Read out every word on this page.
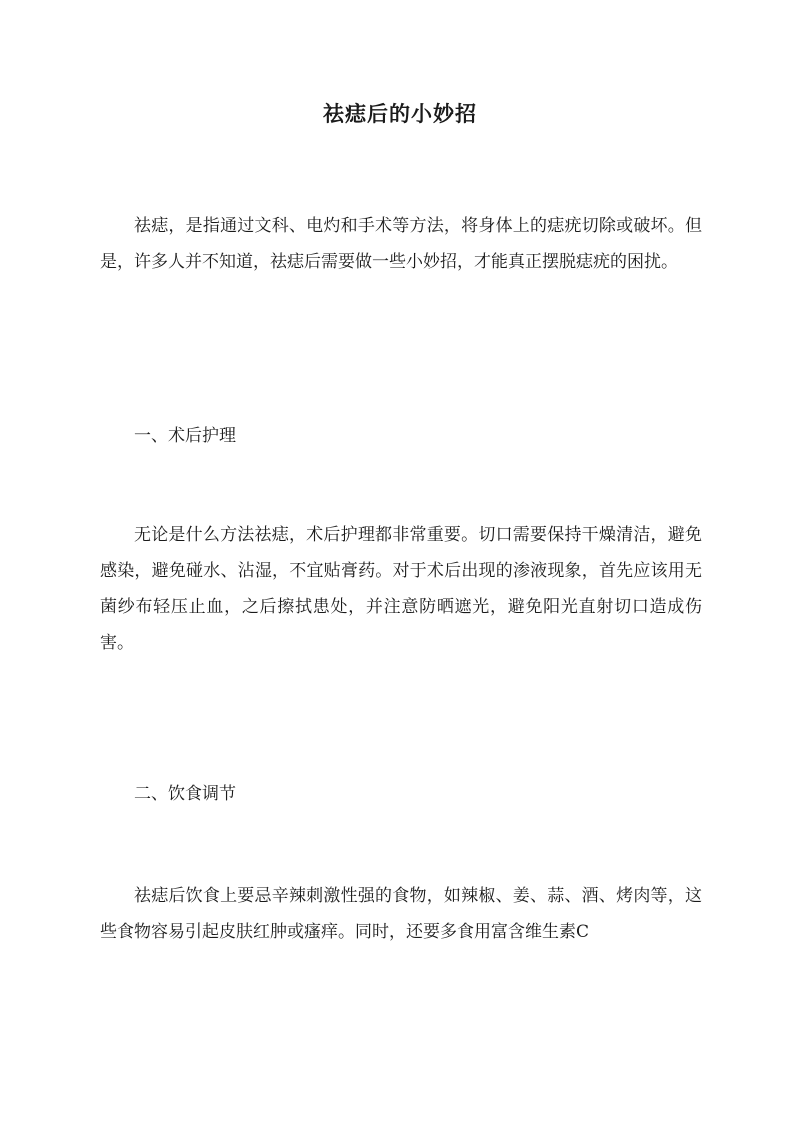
祛痣后的小妙招

祛痣，是指通过文科、电灼和手术等方法，将身体上的痣疣切除或破坏。但是，许多人并不知道，祛痣后需要做一些小妙招，才能真正摆脱痣疣的困扰。

一、术后护理

无论是什么方法祛痣，术后护理都非常重要。切口需要保持干燥清洁，避免感染，避免碰水、沾湿，不宜贴膏药。对于术后出现的渗液现象，首先应该用无菌纱布轻压止血，之后擦拭患处，并注意防晒遮光，避免阳光直射切口造成伤害。

二、饮食调节

祛痣后饮食上要忌辛辣刺激性强的食物，如辣椒、姜、蒜、酒、烤肉等，这些食物容易引起皮肤红肿或瘙痒。同时，还要多食用富含维生素C
